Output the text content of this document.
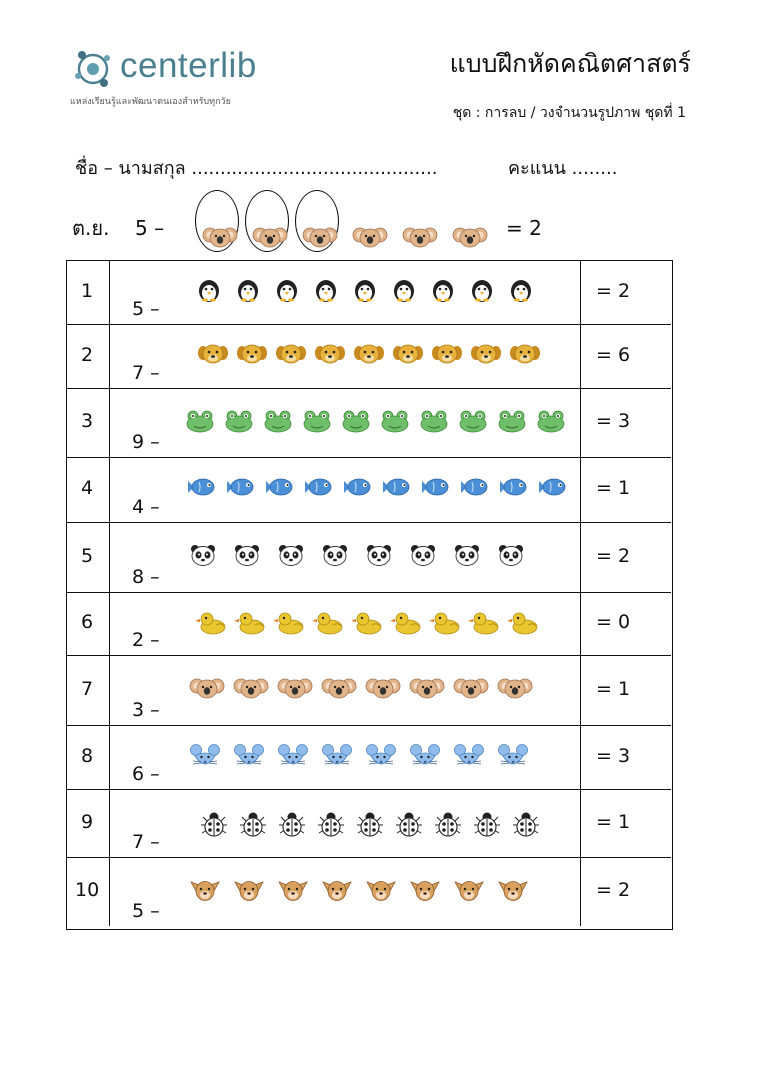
centerlib
แหล่งเรียนรู้และพัฒนาตนเองสำหรับทุกวัย
แบบฝึกหัดคณิตศาสตร์
ชุด : การลบ / วงจำนวนรูปภาพ ชุดที่ 1
ชื่อ – นามสกุล ...........................................	คะแนน ........
ต.ย. 5 –	= 2
1
5 –
= 2
2
7 –
= 6
3
9 –
= 3
4
4 –
= 1
5
8 –
= 2
6
2 –
= 0
7
3 –
= 1
8
6 –
= 3
9
7 –
= 1
10
5 –
= 2
